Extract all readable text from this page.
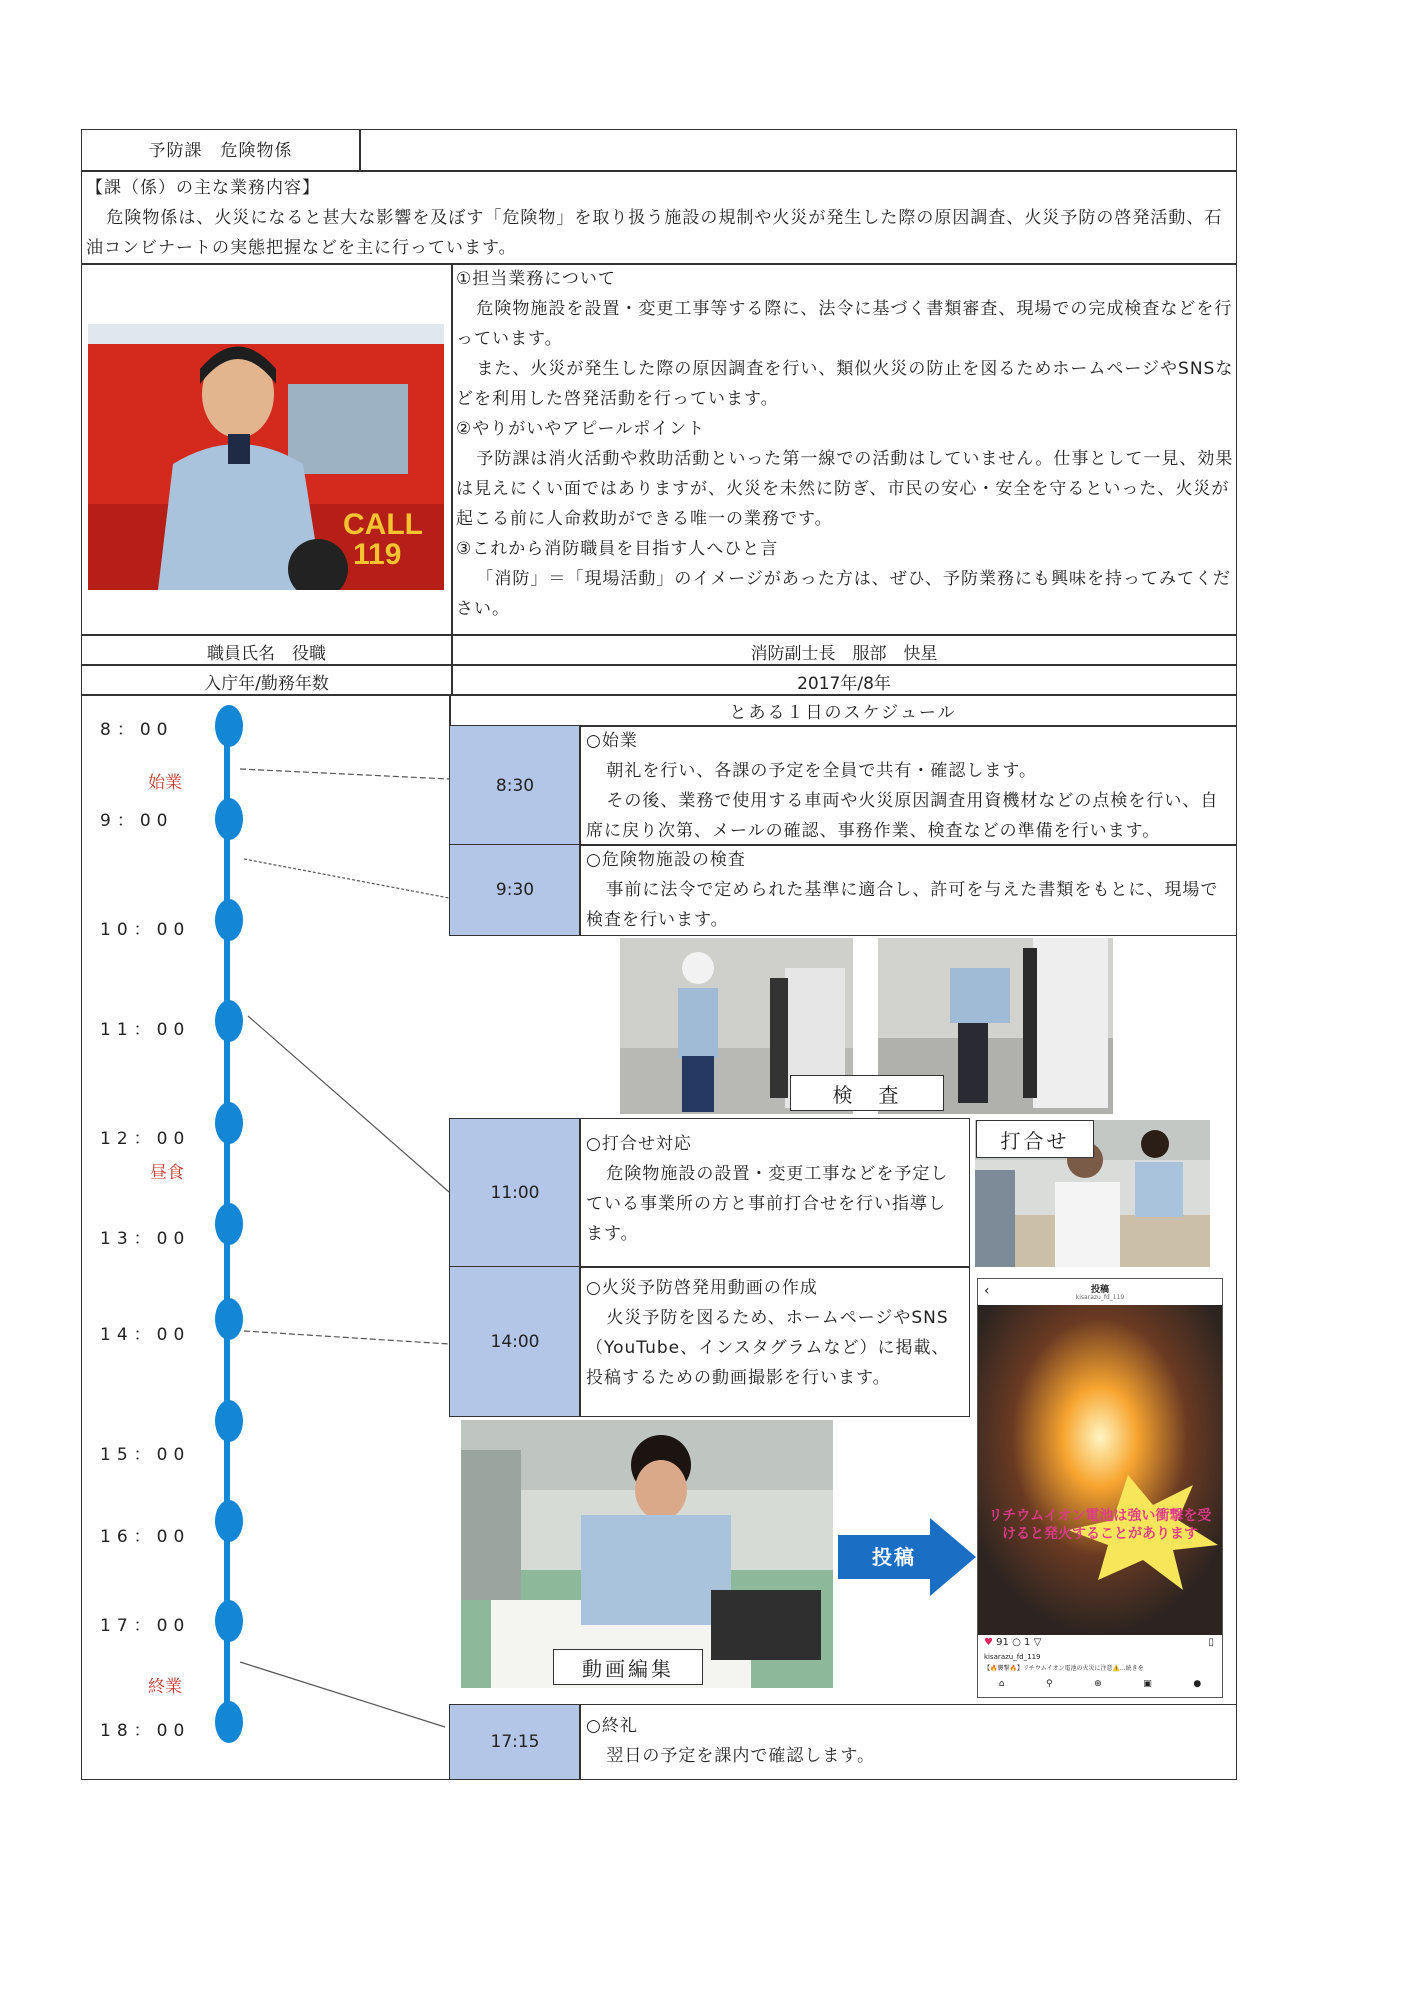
予防課　危険物係
【課（係）の主な業務内容】
危険物係は、火災になると甚大な影響を及ぼす「危険物」を取り扱う施設の規制や火災が発生した際の原因調査、火災予防の啓発活動、石油コンビナートの実態把握などを主に行っています。
CALL
119
①担当業務について
危険物施設を設置・変更工事等する際に、法令に基づく書類審査、現場での完成検査などを行っています。
また、火災が発生した際の原因調査を行い、類似火災の防止を図るためホームページやSNSなどを利用した啓発活動を行っています。
②やりがいやアピールポイント
予防課は消火活動や救助活動といった第一線での活動はしていません。仕事として一見、効果は見えにくい面ではありますが、火災を未然に防ぎ、市民の安心・安全を守るといった、火災が起こる前に人命救助ができる唯一の業務です。
③これから消防職員を目指す人へひと言
「消防」＝「現場活動」のイメージがあった方は、ぜひ、予防業務にも興味を持ってみてください。
職員氏名　役職	消防副士長　服部　快星
入庁年/勤務年数	2017年/8年
とある１日のスケジュール
8：00
始業
9：00
10：00
11：00
12：00
昼食
13：00
14：00
15：00
16：00
17：00
終業
18：00
8:30
○始業
朝礼を行い、各課の予定を全員で共有・確認します。
その後、業務で使用する車両や火災原因調査用資機材などの点検を行い、自席に戻り次第、メールの確認、事務作業、検査などの準備を行います。
9:30
○危険物施設の検査
事前に法令で定められた基準に適合し、許可を与えた書類をもとに、現場で検査を行います。
検　査
11:00
○打合せ対応
危険物施設の設置・変更工事などを予定している事業所の方と事前打合せを行い指導します。
打合せ
14:00
○火災予防啓発用動画の作成
火災予防を図るため、ホームページやSNS（YouTube、インスタグラムなど）に掲載、投稿するための動画撮影を行います。
動画編集
投稿
‹	投稿
kisarazu_fd_119
リチウムイオン電池は強い衝撃を受けると発火することがあります
♥ 91 ○ 1 ▽	▯
kisarazu_fd_119
【🔥襲撃🔥】リチウムイオン電池の火災に注意⚠️...続きを
⌂	⚲	⊕	▣	●
17:15
○終礼
翌日の予定を課内で確認します。
